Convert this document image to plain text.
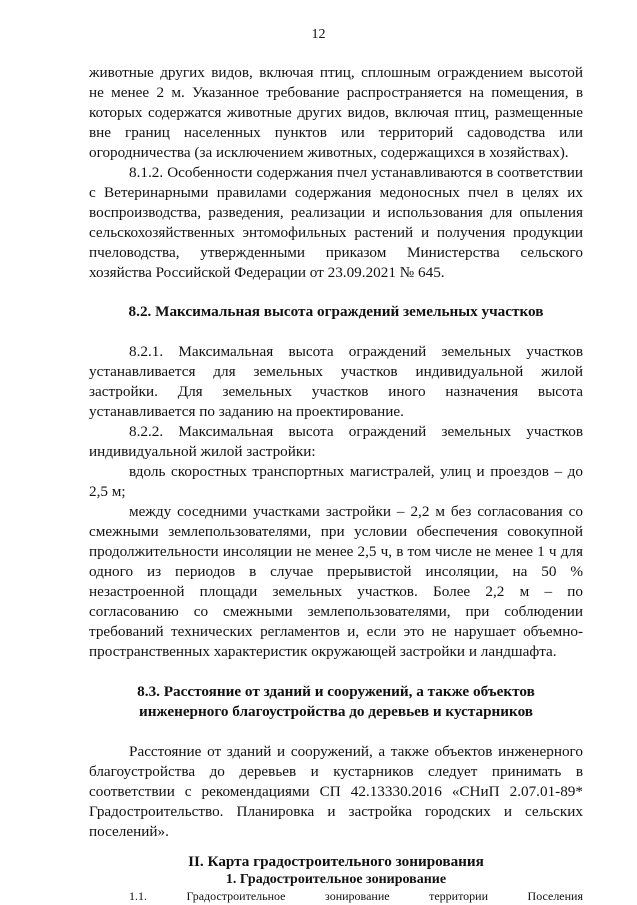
12
животные других видов, включая птиц, сплошным ограждением высотой
не менее 2 м. Указанное требование распространяется на помещения, в
которых содержатся животные других видов, включая птиц, размещенные
вне границ населенных пунктов или территорий садоводства или
огородничества (за исключением животных, содержащихся в хозяйствах).
8.1.2. Особенности содержания пчел устанавливаются в соответствии
с Ветеринарными правилами содержания медоносных пчел в целях их
воспроизводства, разведения, реализации и использования для опыления
сельскохозяйственных энтомофильных растений и получения продукции
пчеловодства, утвержденными приказом Министерства сельского
хозяйства Российской Федерации от 23.09.2021 № 645.
8.2. Максимальная высота ограждений земельных участков
8.2.1. Максимальная высота ограждений земельных участков
устанавливается для земельных участков индивидуальной жилой
застройки. Для земельных участков иного назначения высота
устанавливается по заданию на проектирование.
8.2.2. Максимальная высота ограждений земельных участков
индивидуальной жилой застройки:
вдоль скоростных транспортных магистралей, улиц и проездов – до
2,5 м;
между соседними участками застройки – 2,2 м без согласования со
смежными землепользователями, при условии обеспечения совокупной
продолжительности инсоляции не менее 2,5 ч, в том числе не менее 1 ч для
одного из периодов в случае прерывистой инсоляции, на 50 %
незастроенной площади земельных участков. Более 2,2 м – по
согласованию со смежными землепользователями, при соблюдении
требований технических регламентов и, если это не нарушает объемно-
пространственных характеристик окружающей застройки и ландшафта.
8.3. Расстояние от зданий и сооружений, а также объектов
инженерного благоустройства до деревьев и кустарников
Расстояние от зданий и сооружений, а также объектов инженерного
благоустройства до деревьев и кустарников следует принимать в
соответствии с рекомендациями СП 42.13330.2016 «СНиП 2.07.01-89*
Градостроительство. Планировка и застройка городских и сельских
поселений».
II. Карта градостроительного зонирования
1. Градостроительное зонирование
1.1. Градостроительное зонирование территории Поселения
